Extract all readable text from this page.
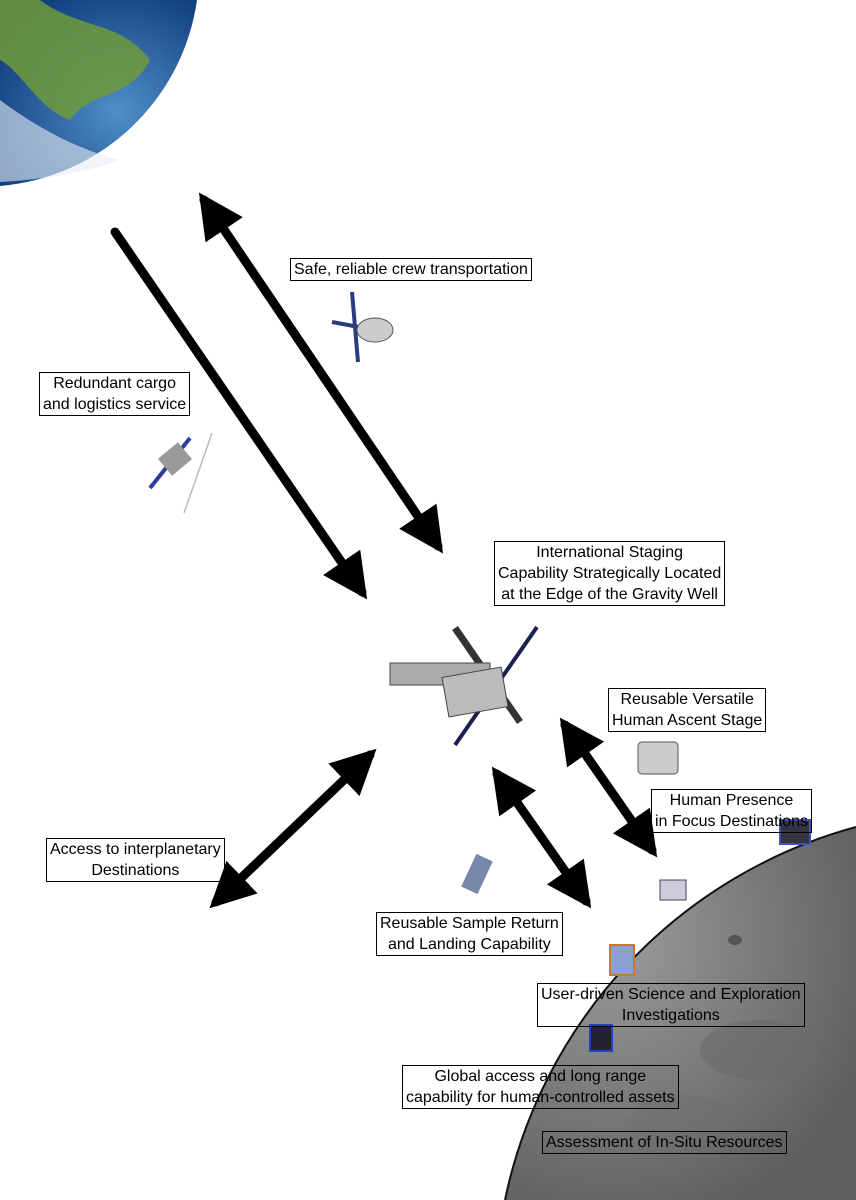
Safe, reliable crew transportation
Redundant cargo
and logistics service
International Staging
Capability Strategically Located
at the Edge of the Gravity Well
Reusable Versatile
Human Ascent Stage
Human Presence
in Focus Destinations
Access to interplanetary
Destinations
Reusable Sample Return
and Landing Capability
User-driven Science and Exploration
Investigations
Global access and long range
capability for human-controlled assets
Assessment of In-Situ Resources
